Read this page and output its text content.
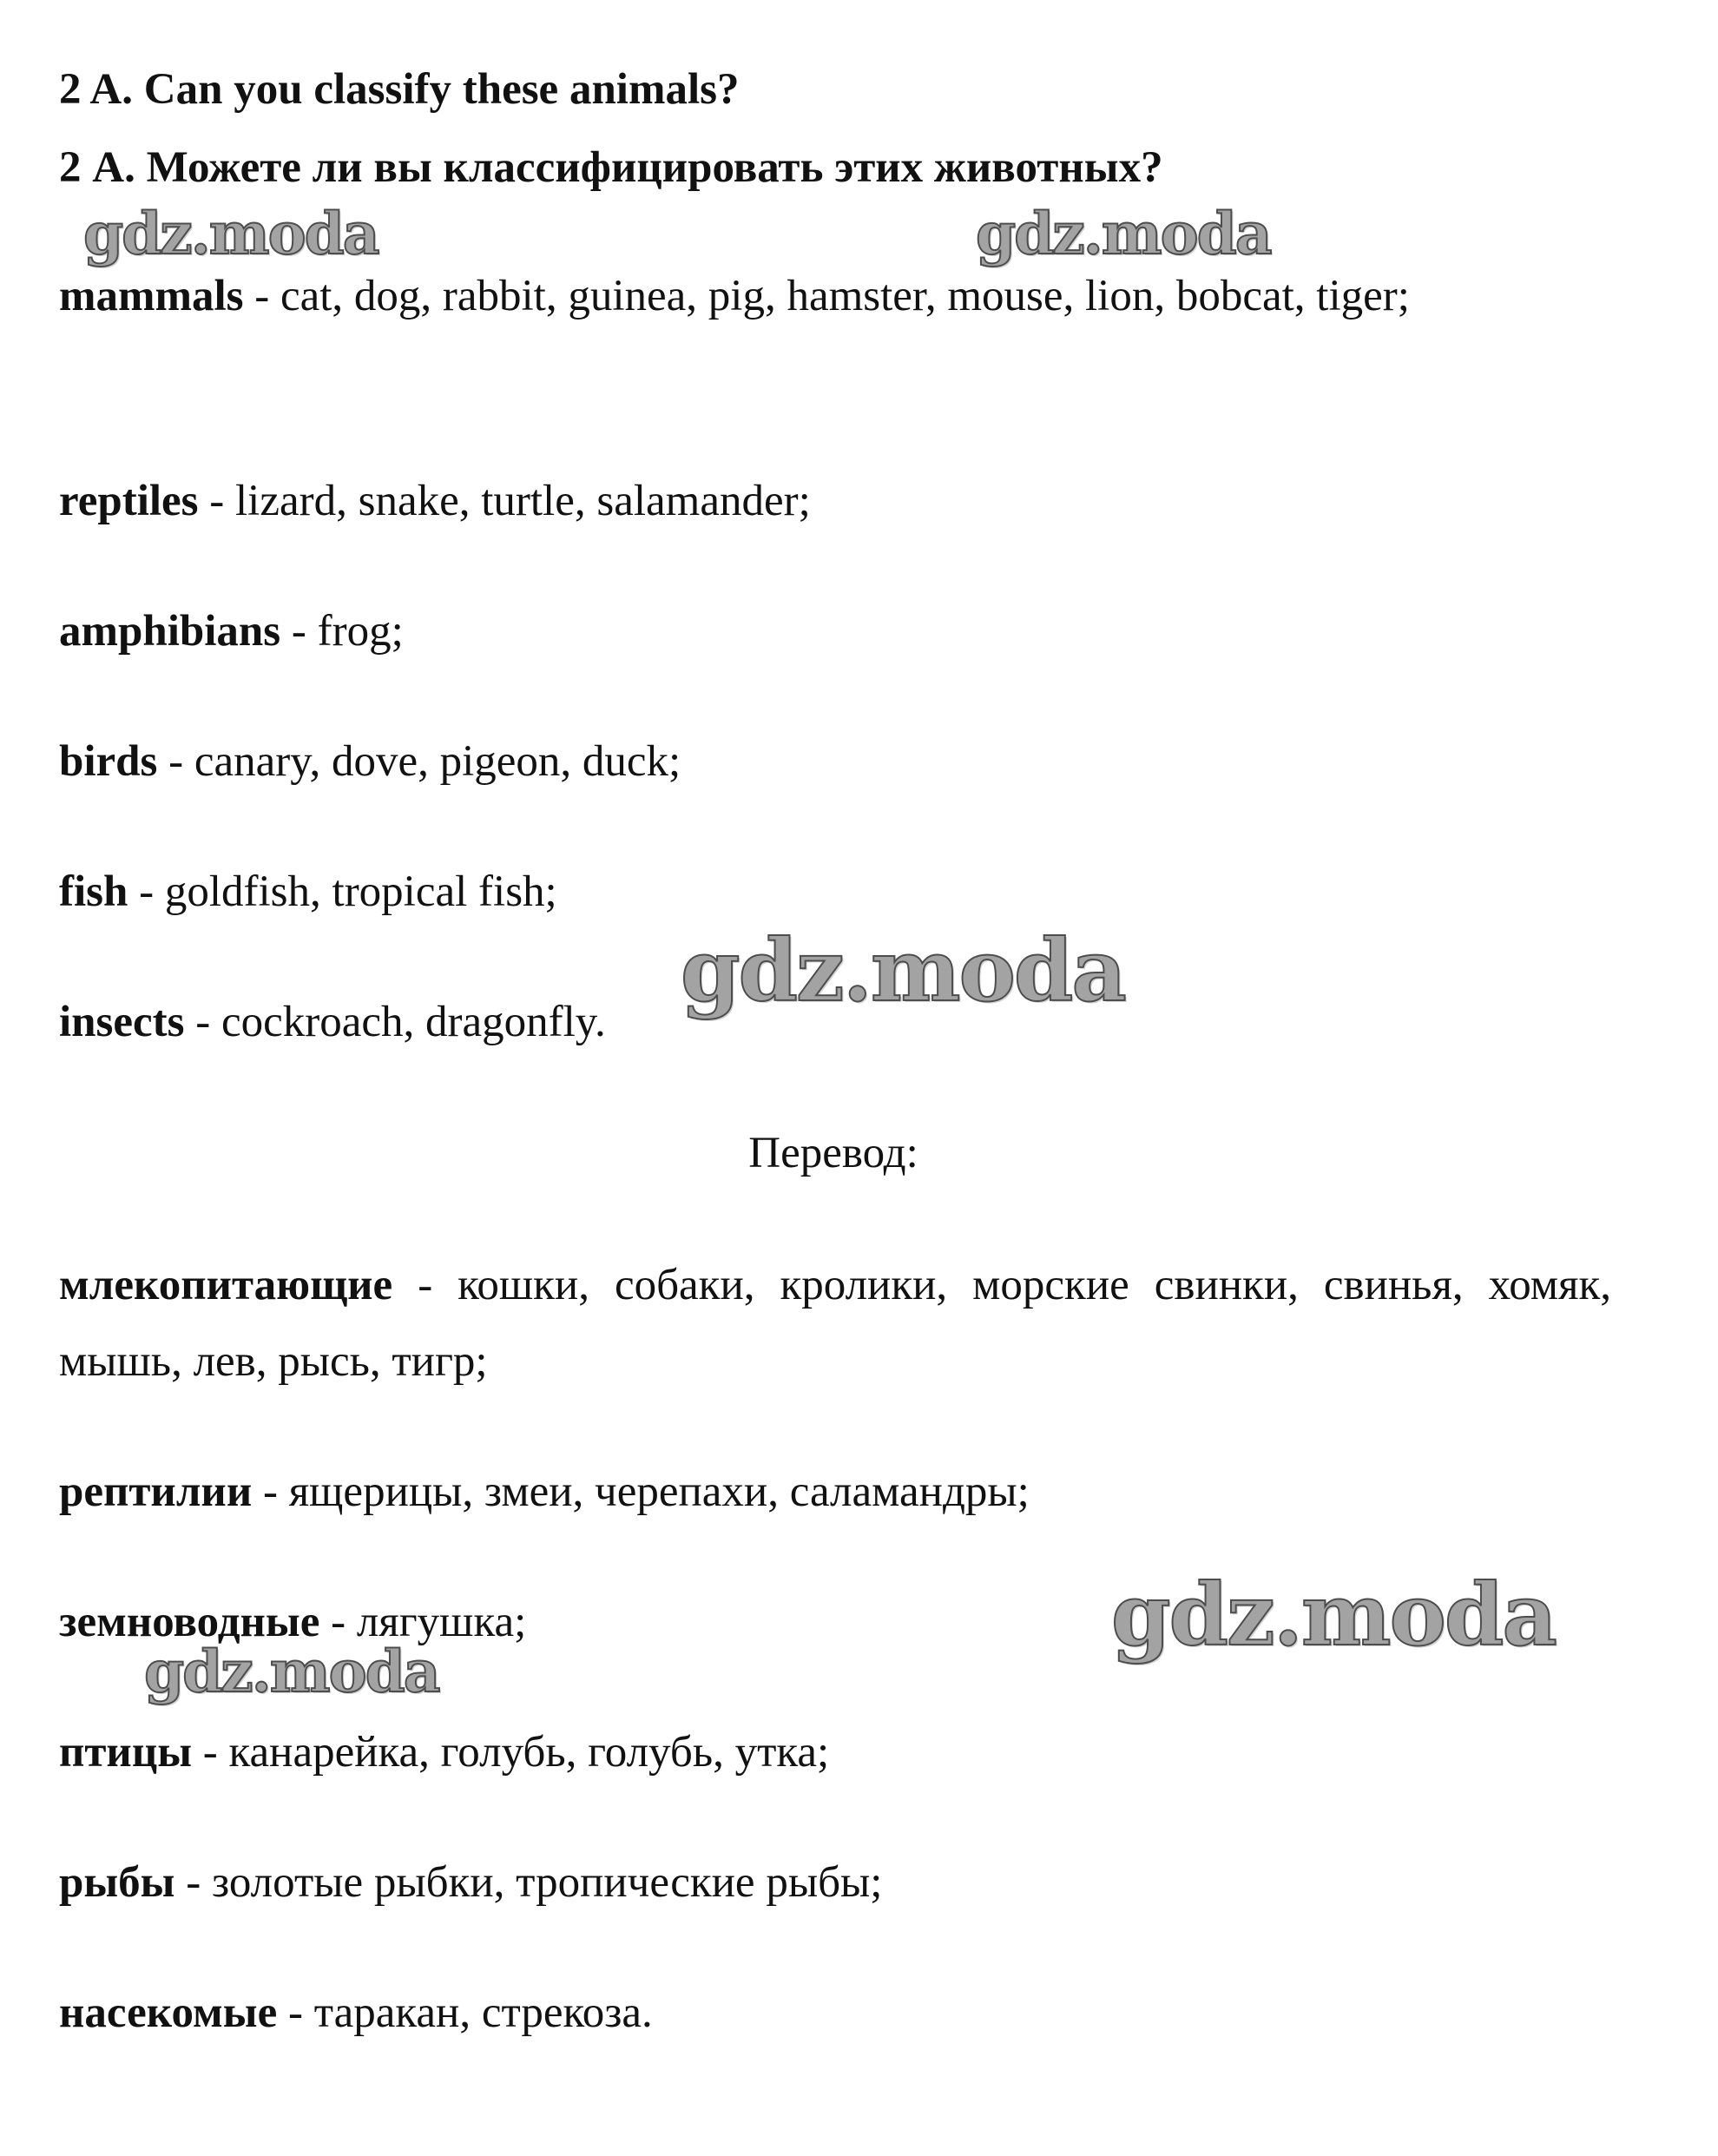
2 A. Can you classify these animals?
2 А. Можете ли вы классифицировать этих животных?
mammals - cat, dog, rabbit, guinea, pig, hamster, mouse, lion, bobcat, tiger;
reptiles - lizard, snake, turtle, salamander;
amphibians - frog;
birds - canary, dove, pigeon, duck;
fish - goldfish, tropical fish;
insects - cockroach, dragonfly.
Перевод:
млекопитающие - кошки, собаки, кролики, морские свинки, свинья, хомяк, мышь, лев, рысь, тигр;
рептилии - ящерицы, змеи, черепахи, саламандры;
земноводные - лягушка;
птицы - канарейка, голубь, голубь, утка;
рыбы - золотые рыбки, тропические рыбы;
насекомые - таракан, стрекоза.
gdz.moda	gdz.moda
gdz.moda
gdz.moda
gdz.moda
